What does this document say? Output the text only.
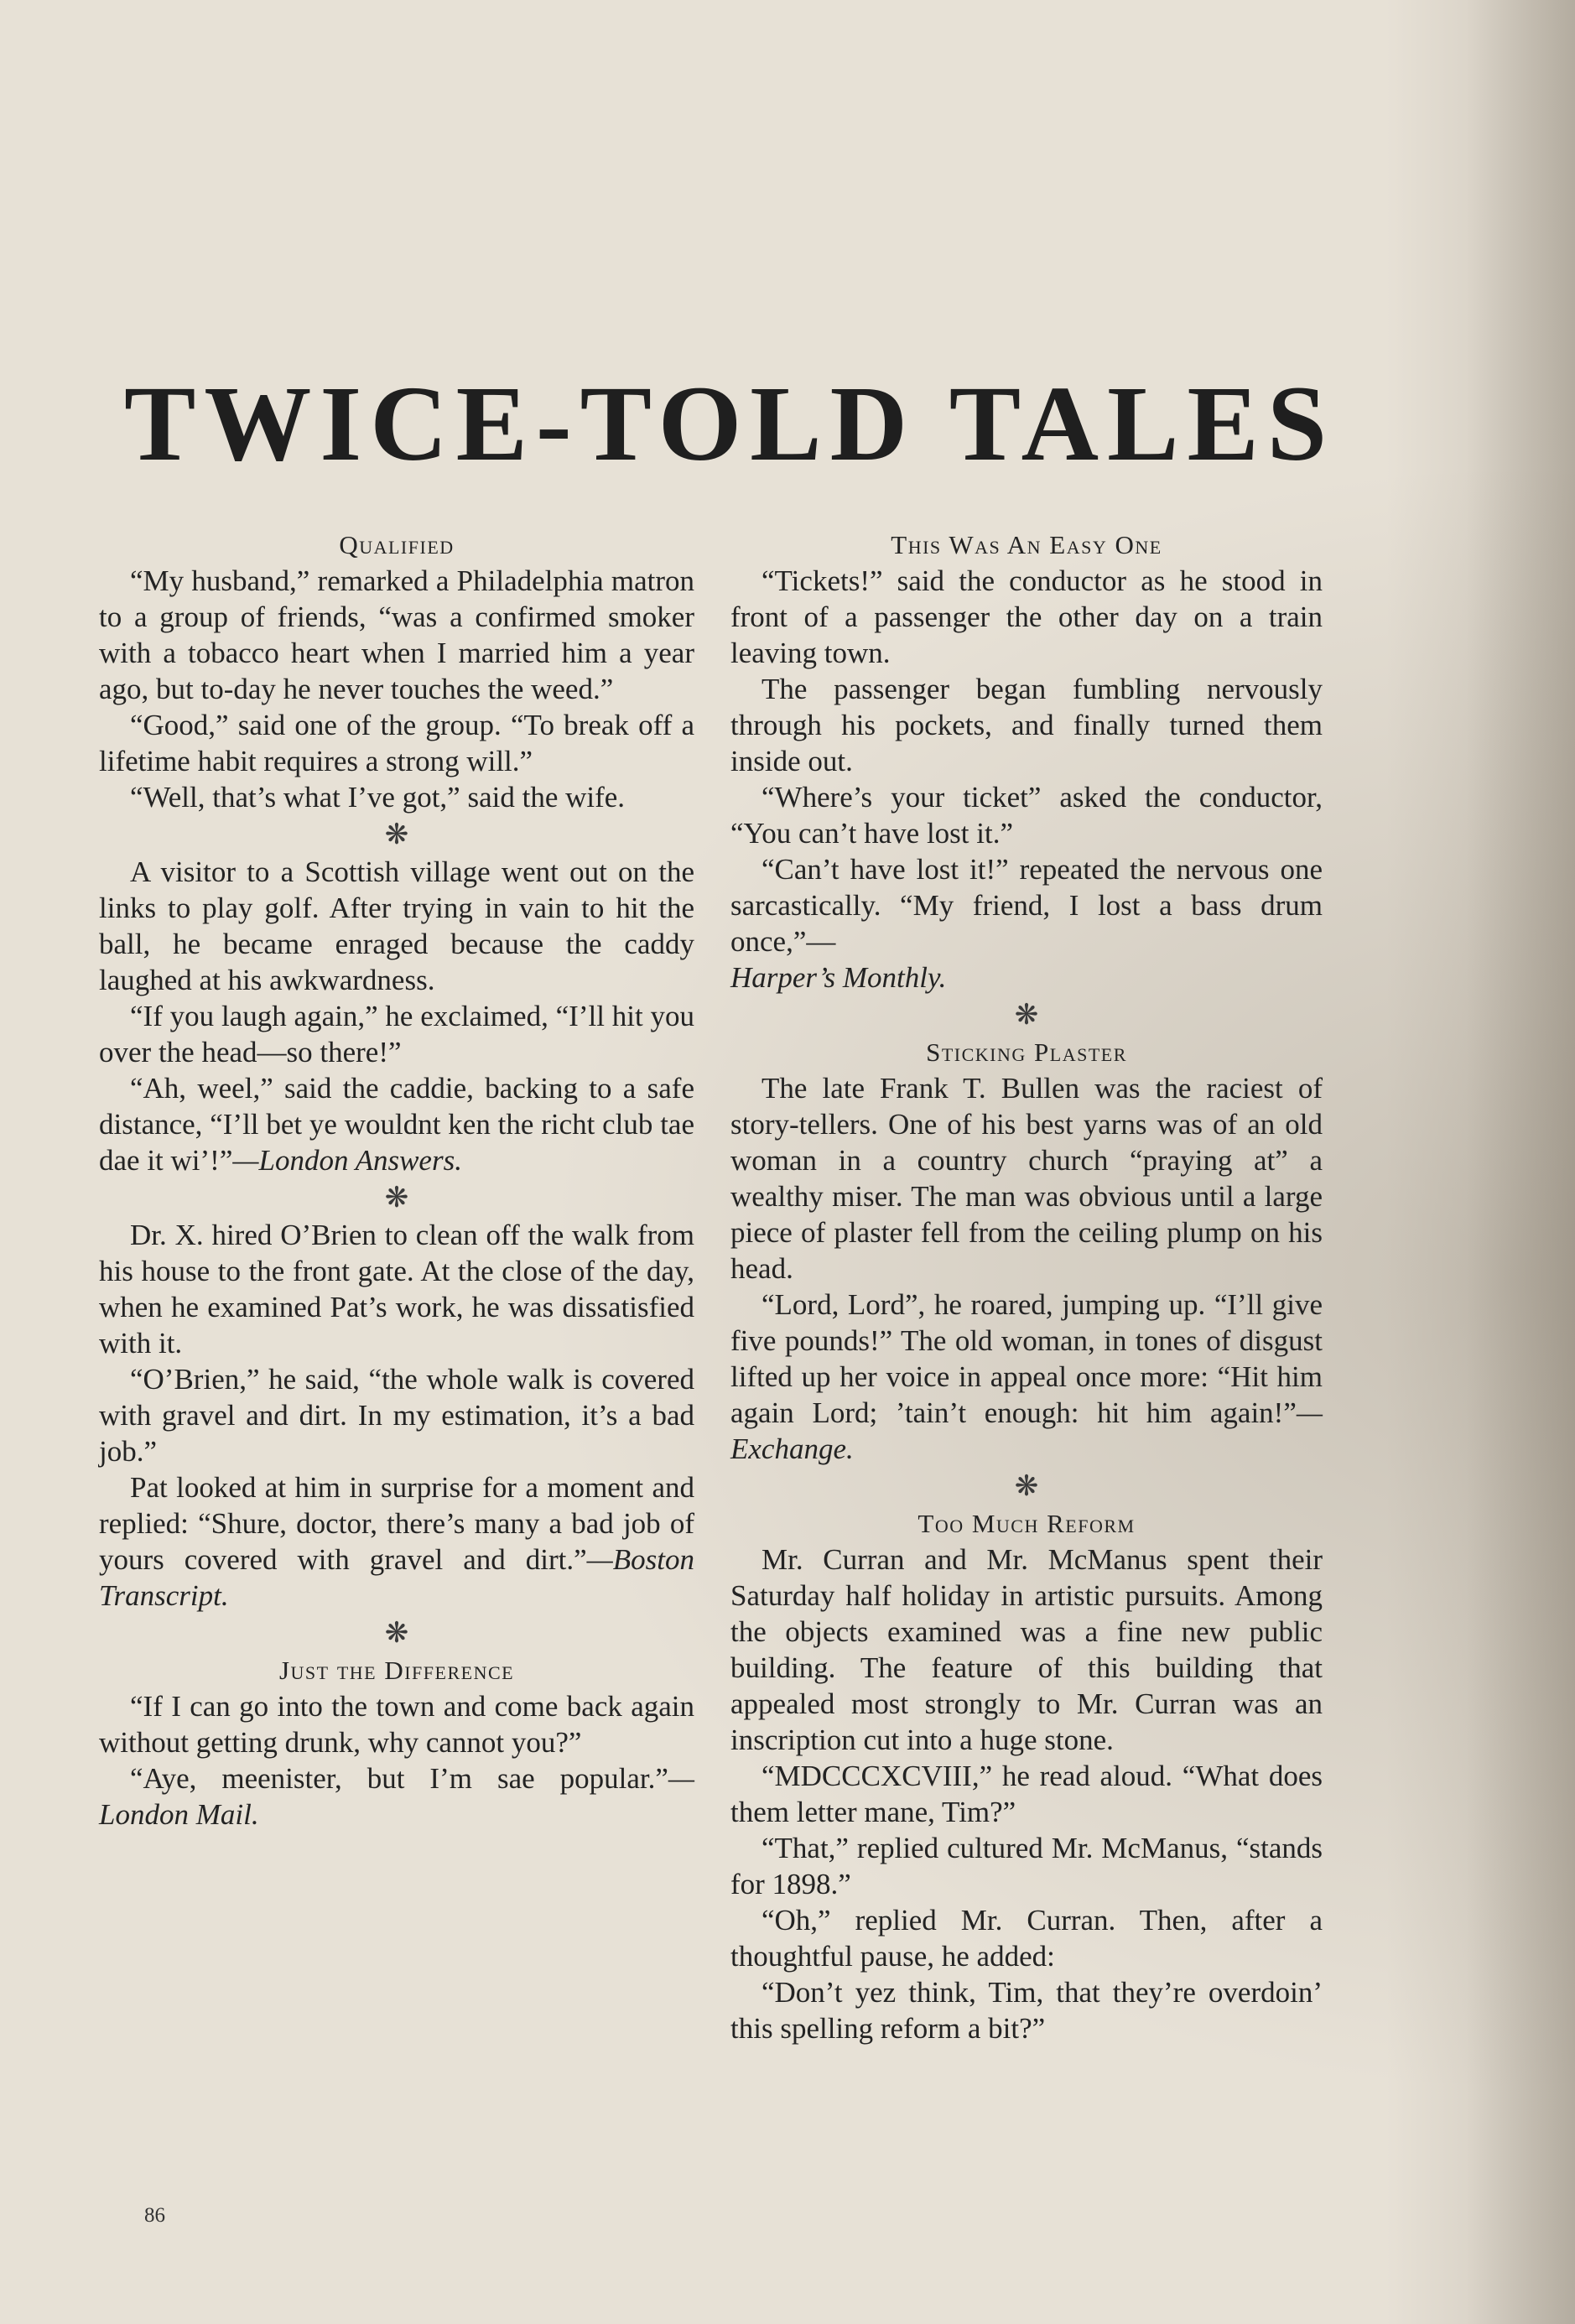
TWICE-TOLD TALES
Qualified

“My husband,” remarked a Philadelphia matron to a group of friends, “was a confirmed smoker with a tobacco heart when I married him a year ago, but to-day he never touches the weed.”

“Good,” said one of the group. “To break off a lifetime habit requires a strong will.”

“Well, that’s what I’ve got,” said the wife.

❋

A visitor to a Scottish village went out on the links to play golf. After trying in vain to hit the ball, he became enraged because the caddy laughed at his awkwardness.

“If you laugh again,” he exclaimed, “I’ll hit you over the head—so there!”

“Ah, weel,” said the caddie, backing to a safe distance, “I’ll bet ye wouldnt ken the richt club tae dae it wi’!”—London Answers.

❋

Dr. X. hired O’Brien to clean off the walk from his house to the front gate. At the close of the day, when he examined Pat’s work, he was dissatisfied with it.

“O’Brien,” he said, “the whole walk is covered with gravel and dirt. In my estimation, it’s a bad job.”

Pat looked at him in surprise for a moment and replied: “Shure, doctor, there’s many a bad job of yours covered with gravel and dirt.”—Boston Transcript.

❋
Just the Difference

“If I can go into the town and come back again without getting drunk, why cannot you?”

“Aye, meenister, but I’m sae popular.”—London Mail.

This Was An Easy One

“Tickets!” said the conductor as he stood in front of a passenger the other day on a train leaving town.

The passenger began fumbling nervously through his pockets, and finally turned them inside out.

“Where’s your ticket” asked the conductor, “You can’t have lost it.”

“Can’t have lost it!” repeated the nervous one sarcastically. “My friend, I lost a bass drum once,”—
Harper’s Monthly.

❋
Sticking Plaster

The late Frank T. Bullen was the raciest of story-tellers. One of his best yarns was of an old woman in a country church “praying at” a wealthy miser. The man was obvious until a large piece of plaster fell from the ceiling plump on his head.

“Lord, Lord”, he roared, jumping up. “I’ll give five pounds!” The old woman, in tones of disgust lifted up her voice in appeal once more: “Hit him again Lord; ’tain’t enough: hit him again!”—Exchange.

❋
Too Much Reform

Mr. Curran and Mr. McManus spent their Saturday half holiday in artistic pursuits. Among the objects examined was a fine new public building. The feature of this building that appealed most strongly to Mr. Curran was an inscription cut into a huge stone.

“MDCCCXCVIII,” he read aloud. “What does them letter mane, Tim?”

“That,” replied cultured Mr. McManus, “stands for 1898.”

“Oh,” replied Mr. Curran. Then, after a thoughtful pause, he added:

“Don’t yez think, Tim, that they’re overdoin’ this spelling reform a bit?”

86
